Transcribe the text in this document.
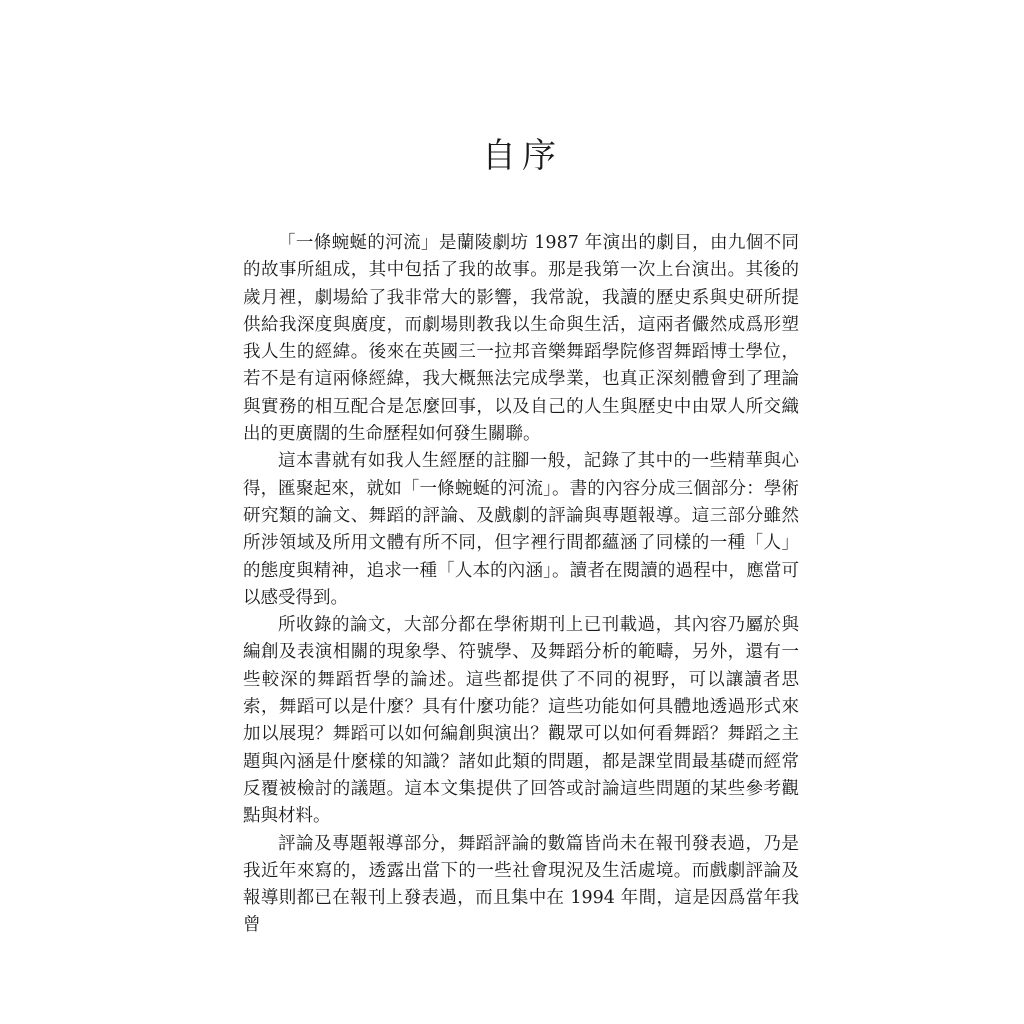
自序

「一條蜿蜒的河流」是蘭陵劇坊 1987 年演出的劇目，由九個不同的故事所組成，其中包括了我的故事。那是我第一次上台演出。其後的歲月裡，劇場給了我非常大的影響，我常說，我讀的歷史系與史研所提供給我深度與廣度，而劇場則教我以生命與生活，這兩者儼然成爲形塑我人生的經緯。後來在英國三一拉邦音樂舞蹈學院修習舞蹈博士學位，若不是有這兩條經緯，我大概無法完成學業，也真正深刻體會到了理論與實務的相互配合是怎麼回事，以及自己的人生與歷史中由眾人所交織出的更廣闊的生命歷程如何發生關聯。

這本書就有如我人生經歷的註腳一般，記錄了其中的一些精華與心得，匯聚起來，就如「一條蜿蜒的河流」。書的內容分成三個部分：學術研究類的論文、舞蹈的評論、及戲劇的評論與專題報導。這三部分雖然所涉領域及所用文體有所不同，但字裡行間都蘊涵了同樣的一種「人」的態度與精神，追求一種「人本的內涵」。讀者在閱讀的過程中，應當可以感受得到。

所收錄的論文，大部分都在學術期刊上已刊載過，其內容乃屬於與編創及表演相關的現象學、符號學、及舞蹈分析的範疇，另外，還有一些較深的舞蹈哲學的論述。這些都提供了不同的視野，可以讓讀者思索，舞蹈可以是什麼？具有什麼功能？這些功能如何具體地透過形式來加以展現？舞蹈可以如何編創與演出？觀眾可以如何看舞蹈？舞蹈之主題與內涵是什麼樣的知識？諸如此類的問題，都是課堂間最基礎而經常反覆被檢討的議題。這本文集提供了回答或討論這些問題的某些參考觀點與材料。

評論及專題報導部分，舞蹈評論的數篇皆尚未在報刊發表過，乃是我近年來寫的，透露出當下的一些社會現況及生活處境。而戲劇評論及報導則都已在報刊上發表過，而且集中在 1994 年間，這是因爲當年我曾
